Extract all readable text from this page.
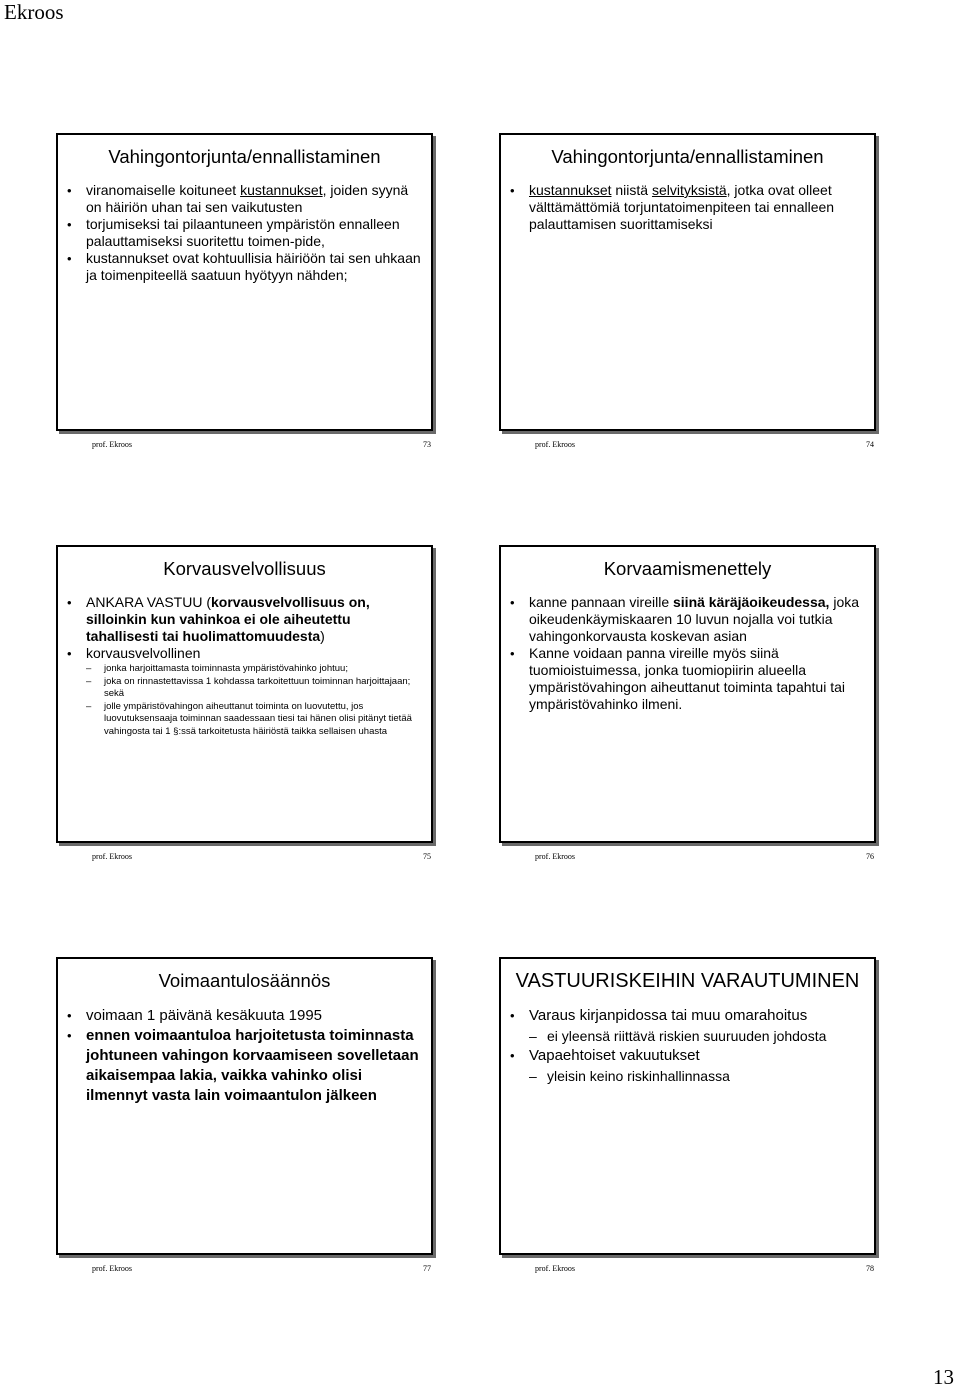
Ekroos
Vahingontorjunta/ennallistaminen
• viranomaiselle koituneet kustannukset, joiden syynä on häiriön uhan tai sen vaikutusten
• torjumiseksi tai pilaantuneen ympäristön ennalleen palauttamiseksi suoritettu toimen-pide,
• kustannukset ovat kohtuullisia häiriöön tai sen uhkaan ja toimenpiteellä saatuun hyötyyn nähden;
prof. Ekroos	73
Vahingontorjunta/ennallistaminen
• kustannukset niistä selvityksistä, jotka ovat olleet välttämättömiä torjuntatoimenpiteen tai ennalleen palauttamisen suorittamiseksi
prof. Ekroos	74
Korvausvelvollisuus
• ANKARA VASTUU (korvausvelvollisuus on, silloinkin kun vahinkoa ei ole aiheutettu tahallisesti tai huolimattomuudesta)
• korvausvelvollinen
– jonka harjoittamasta toiminnasta ympäristövahinko johtuu;
– joka on rinnastettavissa 1 kohdassa tarkoitettuun toiminnan harjoittajaan; sekä
– jolle ympäristövahingon aiheuttanut toiminta on luovutettu, jos luovutuksensaaja toiminnan saadessaan tiesi tai hänen olisi pitänyt tietää vahingosta tai 1 §:ssä tarkoitetusta häiriöstä taikka sellaisen uhasta
prof. Ekroos	75
Korvaamismenettely
• kanne pannaan vireille siinä käräjäoikeudessa, joka oikeudenkäymiskaaren 10 luvun nojalla voi tutkia vahingonkorvausta koskevan asian
• Kanne voidaan panna vireille myös siinä tuomioistuimessa, jonka tuomiopiirin alueella ympäristövahingon aiheuttanut toiminta tapahtui tai ympäristövahinko ilmeni.
prof. Ekroos	76
Voimaantulosäännös
• voimaan 1 päivänä kesäkuuta 1995
• ennen voimaantuloa harjoitetusta toiminnasta johtuneen vahingon korvaamiseen sovelletaan aikaisempaa lakia, vaikka vahinko olisi ilmennyt vasta lain voimaantulon jälkeen
prof. Ekroos	77
VASTUURISKEIHIN VARAUTUMINEN
• Varaus kirjanpidossa tai muu omarahoitus
– ei yleensä riittävä riskien suuruuden johdosta
• Vapaehtoiset vakuutukset
– yleisin keino riskinhallinnassa
prof. Ekroos	78
13
